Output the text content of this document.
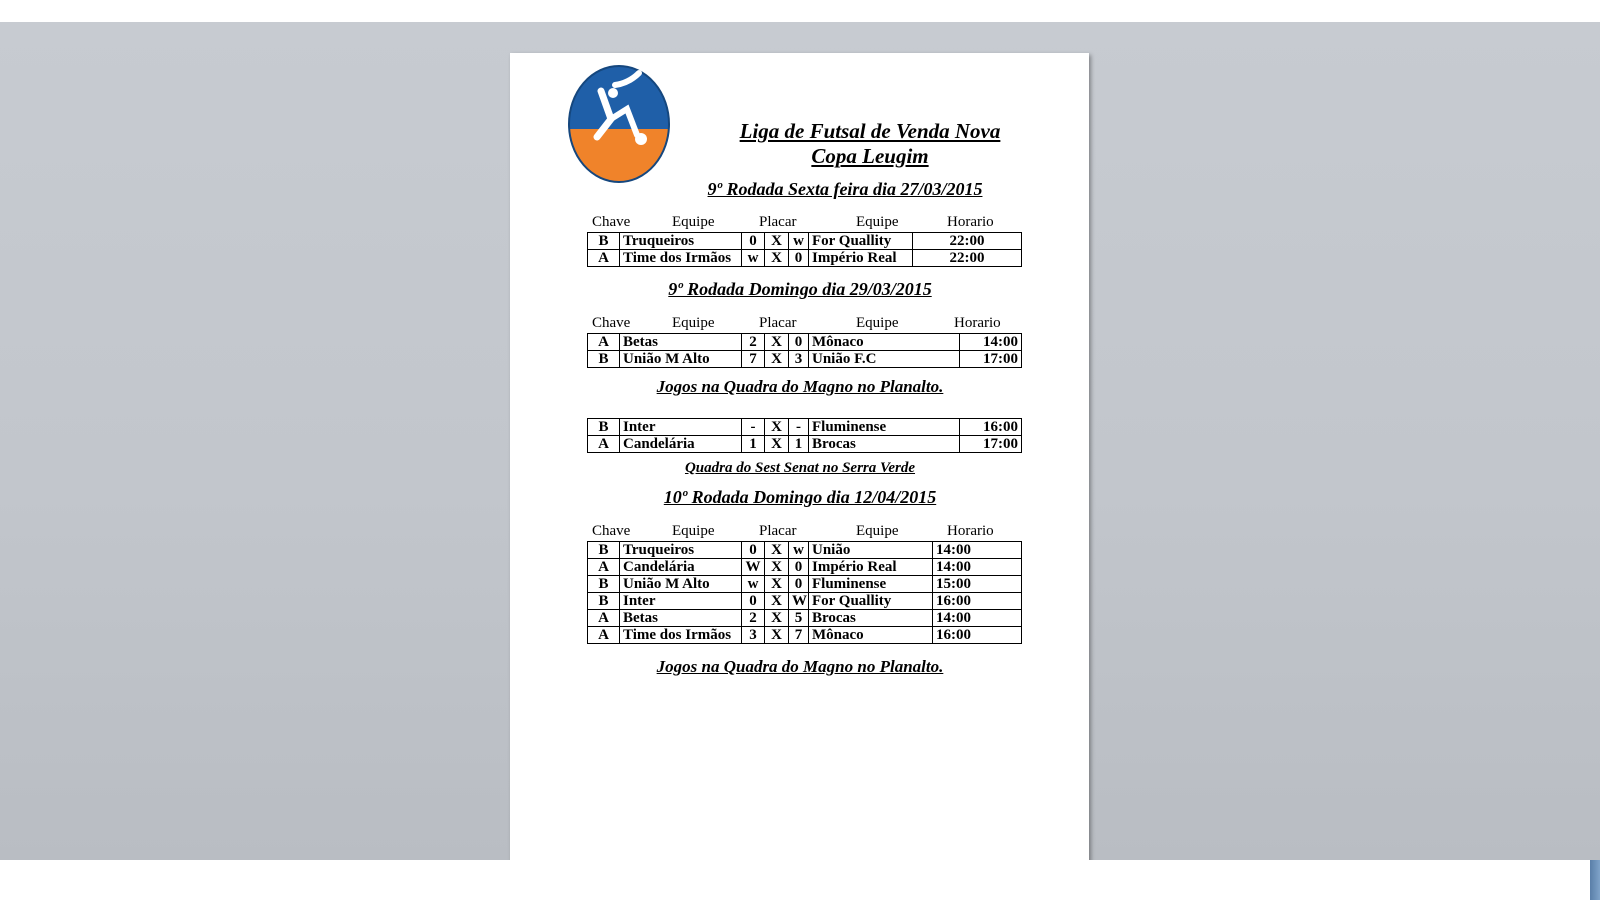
Liga de Futsal de Venda Nova
Copa Leugim
9º Rodada Sexta feira dia 27/03/2015
Chave	Equipe	Placar	Equipe	Horario
B	Truqueiros	0	X	w	For Quallity	22:00
A	Time dos Irmãos	w	X	0	Império Real	22:00
9º Rodada Domingo dia 29/03/2015
Chave	Equipe	Placar	Equipe	Horario
A	Betas	2	X	0	Mônaco	14:00
B	União M Alto	7	X	3	União F.C	17:00
Jogos na Quadra do Magno no Planalto.
B	Inter	-	X	-	Fluminense	16:00
A	Candelária	1	X	1	Brocas	17:00
Quadra do Sest Senat no Serra Verde
10º Rodada Domingo dia 12/04/2015
Chave	Equipe	Placar	Equipe	Horario
B	Truqueiros	0	X	w	União	14:00
A	Candelária	W	X	0	Império Real	14:00
B	União M Alto	w	X	0	Fluminense	15:00
B	Inter	0	X	W	For Quallity	16:00
A	Betas	2	X	5	Brocas	14:00
A	Time dos Irmãos	3	X	7	Mônaco	16:00
Jogos na Quadra do Magno no Planalto.
